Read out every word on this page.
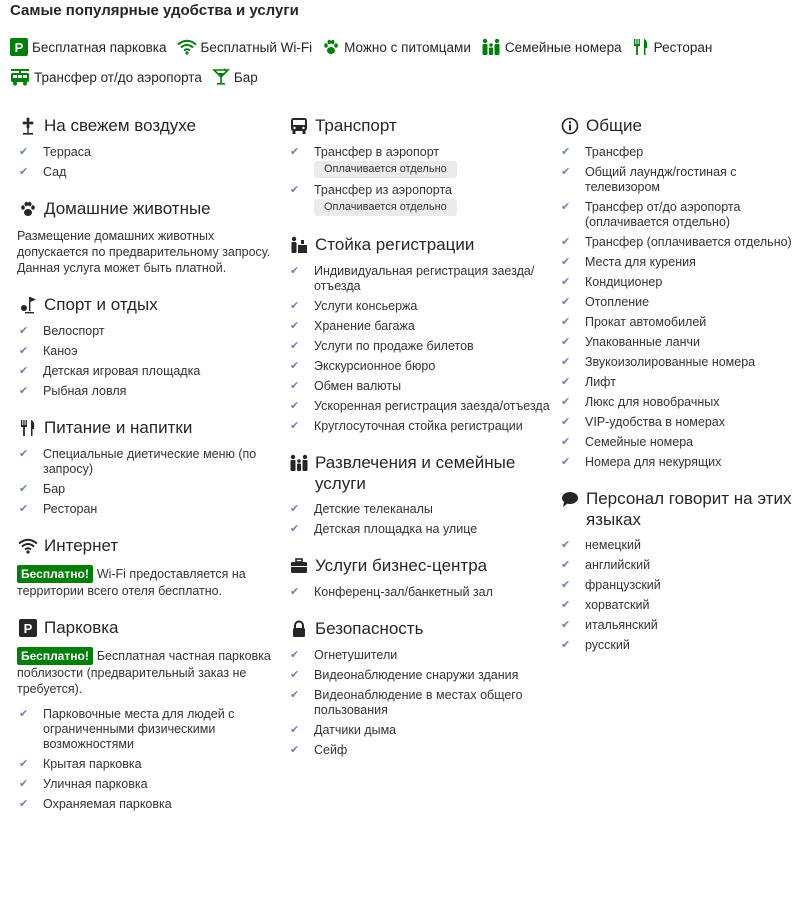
Самые популярные удобства и услуги
P Бесплатная парковка	Бесплатный Wi-Fi Можно с питомцами	Семейные номера Ресторан
Трансфер от/до аэропорта Бар
На свежем воздухе
✔	Терраса
✔	Сад
Домашние животные
Размещение домашних животных допускается по предварительному запросу. Данная услуга может быть платной.
Спорт и отдых
✔	Велоспорт
✔	Каноэ
✔	Детская игровая площадка
✔	Рыбная ловля
Питание и напитки
✔	Специальные диетические меню (по запросу)
✔	Бар
✔	Ресторан
Интернет
Бесплатно! Wi-Fi предоставляется на территории всего отеля бесплатно.
P Парковка
Бесплатно! Бесплатная частная парковка поблизости (предварительный заказ не требуется).
✔	Парковочные места для людей с ограниченными физическими возможностями
✔	Крытая парковка
✔	Уличная парковка
✔	Охраняемая парковка
Транспорт
✔	Трансфер в аэропорт
Оплачивается отдельно
✔	Трансфер из аэропорта
Оплачивается отдельно
Стойка регистрации
✔	Индивидуальная регистрация заезда/отъезда
✔	Услуги консьержа
✔	Хранение багажа
✔	Услуги по продаже билетов
✔	Экскурсионное бюро
✔	Обмен валюты
✔	Ускоренная регистрация заезда/отъезда
✔	Круглосуточная стойка регистрации
Развлечения и семейные услуги
✔	Детские телеканалы
✔	Детская площадка на улице
Услуги бизнес-центра
✔	Конференц-зал/банкетный зал
Безопасность
✔	Огнетушители
✔	Видеонаблюдение снаружи здания
✔	Видеонаблюдение в местах общего пользования
✔	Датчики дыма
✔	Сейф
Общие
✔	Трансфер
✔	Общий лаундж/гостиная с телевизором
✔	Трансфер от/до аэропорта (оплачивается отдельно)
✔	Трансфер (оплачивается отдельно)
✔	Места для курения
✔	Кондиционер
✔	Отопление
✔	Прокат автомобилей
✔	Упакованные ланчи
✔	Звукоизолированные номера
✔	Лифт
✔	Люкс для новобрачных
✔	VIP-удобства в номерах
✔	Семейные номера
✔	Номера для некурящих
Персонал говорит на этих языках
✔	немецкий
✔	английский
✔	французский
✔	хорватский
✔	итальянский
✔	русский
